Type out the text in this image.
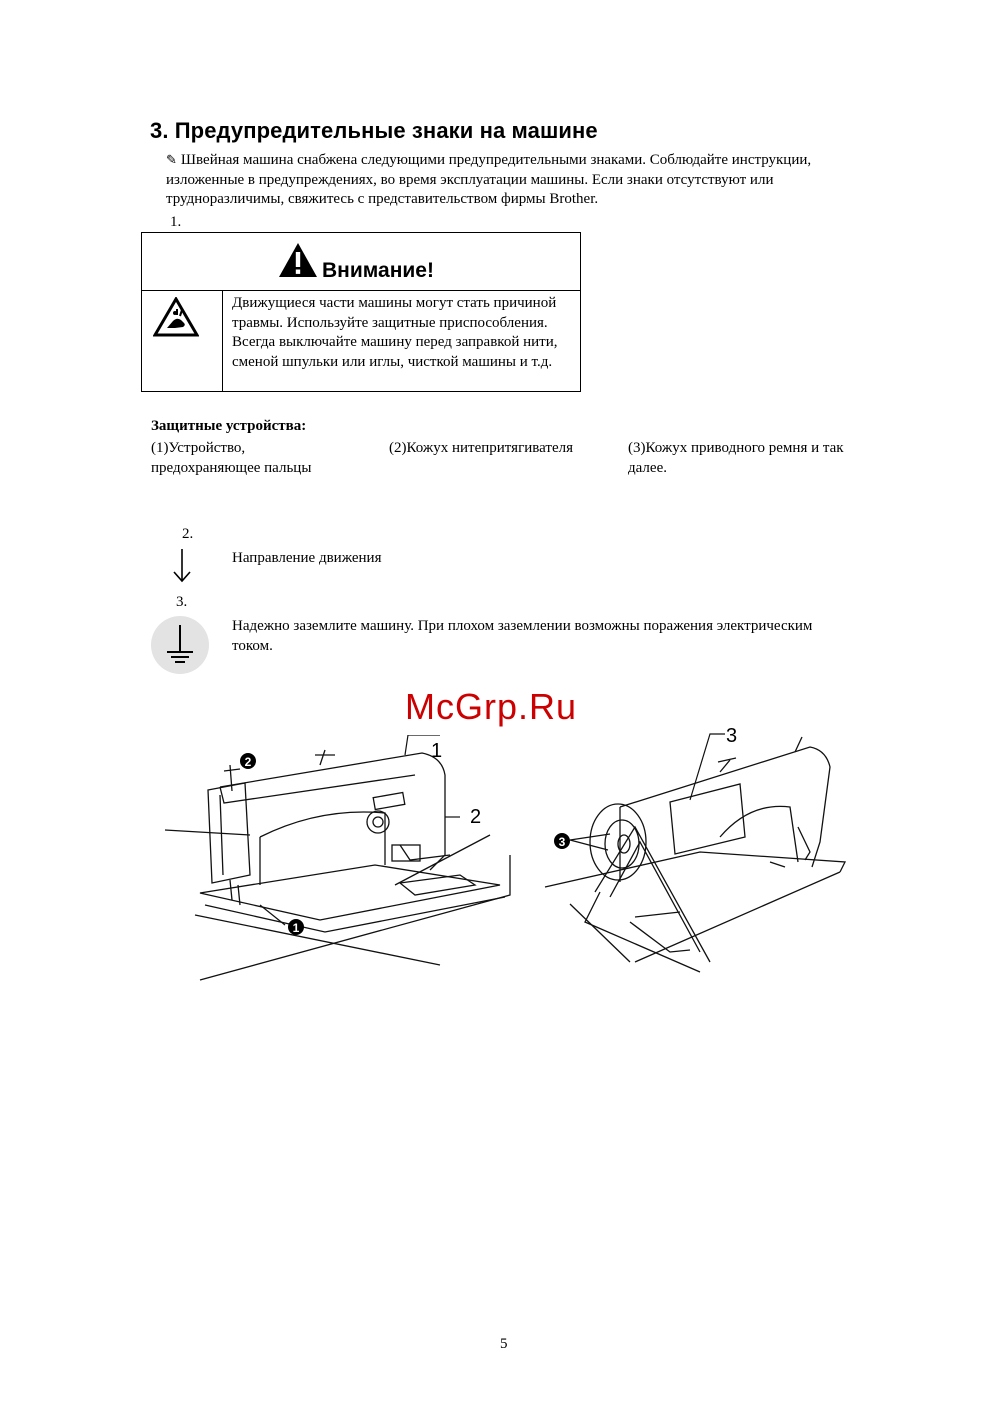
3. Предупредительные знаки на машине
✎ Швейная машина снабжена следующими предупредительными знаками. Соблюдайте инструкции, изложенные в предупреждениях, во время эксплуатации машины. Если знаки отсутствуют или трудноразличимы, свяжитесь с представительством фирмы Brother.
1.
Внимание!
Движущиеся части машины могут стать причиной травмы. Используйте защитные приспособления. Всегда выключайте машину перед заправкой нити, сменой шпульки или иглы, чисткой машины и т.д.
Защитные устройства:
(1)Устройство, предохраняющее пальцы
(2)Кожух нитепритягивателя	(3)Кожух приводного ремня и так далее.
2.
Направление движения
3.
Надежно заземлите машину. При плохом заземлении возможны поражения электрическим током.
McGrp.Ru
2
1
1
2
3
3
5
